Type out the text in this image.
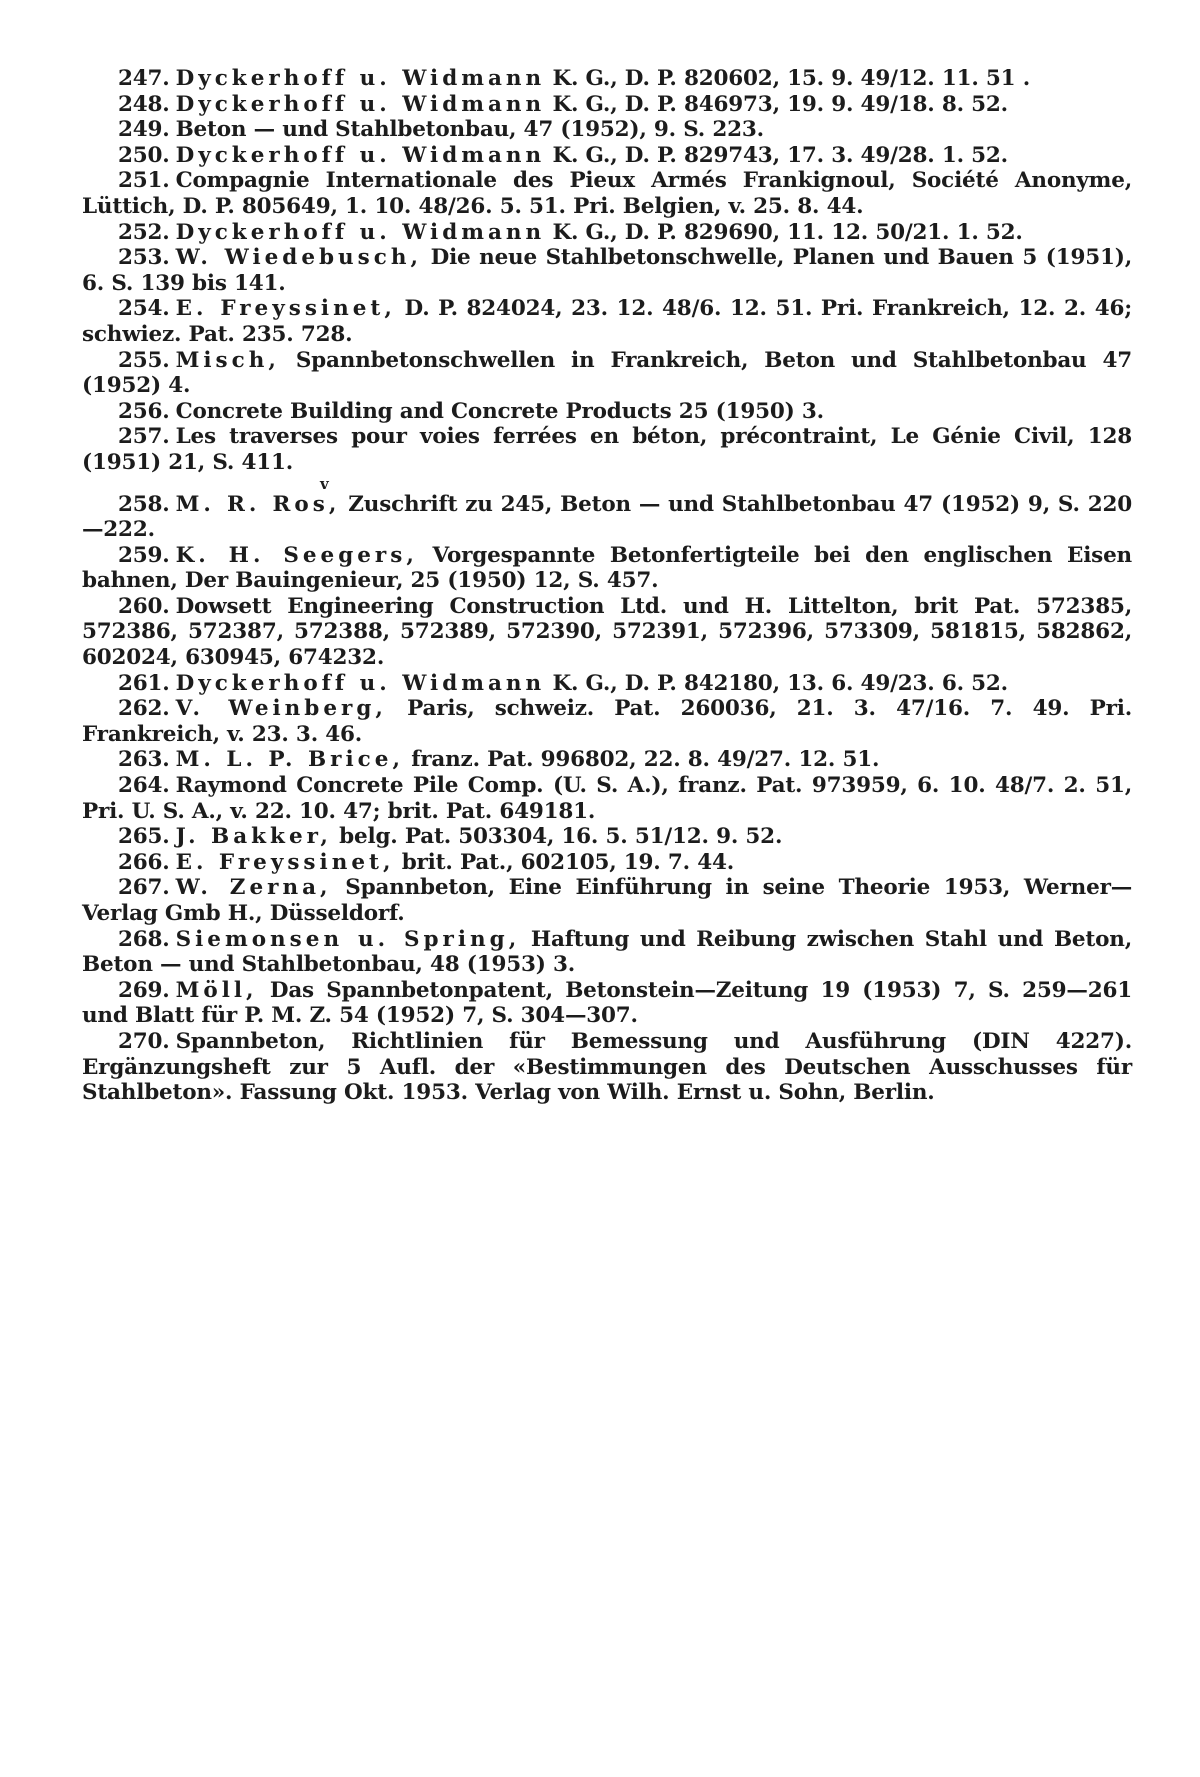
247. Dyckerhoff u. Widmann K. G., D. P. 820602, 15. 9. 49/12. 11. 51 .

248. Dyckerhoff u. Widmann K. G., D. P. 846973, 19. 9. 49/18. 8. 52.

249. Beton — und Stahlbetonbau, 47 (1952), 9. S. 223.

250. Dyckerhoff u. Widmann K. G., D. P. 829743, 17. 3. 49/28. 1. 52.

251. Compagnie Internationale des Pieux Armés Frankignoul, Société Anonyme, Lüttich, D. P. 805649, 1. 10. 48/26. 5. 51. Pri. Belgien, v. 25. 8. 44.

252. Dyckerhoff u. Widmann K. G., D. P. 829690, 11. 12. 50/21. 1. 52.

253. W. Wiedebusch, Die neue Stahlbetonschwelle, Planen und Bauen 5 (1951), 6. S. 139 bis 141.

254. E. Freyssinet, D. P. 824024, 23. 12. 48/6. 12. 51. Pri. Frankreich, 12. 2. 46; schwiez. Pat. 235. 728.

255. Misch, Spannbetonschwellen in Frankreich, Beton und Stahlbetonbau 47 (1952) 4.

256. Concrete Building and Concrete Products 25 (1950) 3.

257. Les traverses pour voies ferrées en béton, précontraint, Le Génie Civil, 128 (1951) 21, S. 411.

v

258. M. R. Ros, Zuschrift zu 245, Beton — und Stahlbetonbau 47 (1952) 9, S. 220—222.

259. K. H. Seegers, Vorgespannte Betonfertigteile bei den englischen Eisen bahnen, Der Bauingenieur, 25 (1950) 12, S. 457.

260. Dowsett Engineering Construction Ltd. und H. Littelton, brit Pat. 572385, 572386, 572387, 572388, 572389, 572390, 572391, 572396, 573309, 581815, 582862, 602024, 630945, 674232.

261. Dyckerhoff u. Widmann K. G., D. P. 842180, 13. 6. 49/23. 6. 52.

262. V. Weinberg, Paris, schweiz. Pat. 260036, 21. 3. 47/16. 7. 49. Pri. Frankreich, v. 23. 3. 46.

263. M. L. P. Brice, franz. Pat. 996802, 22. 8. 49/27. 12. 51.

264. Raymond Concrete Pile Comp. (U. S. A.), franz. Pat. 973959, 6. 10. 48/7. 2. 51, Pri. U. S. A., v. 22. 10. 47; brit. Pat. 649181.

265. J. Bakker, belg. Pat. 503304, 16. 5. 51/12. 9. 52.

266. E. Freyssinet, brit. Pat., 602105, 19. 7. 44.

267. W. Zerna, Spannbeton, Eine Einführung in seine Theorie 1953, Werner—Verlag Gmb H., Düsseldorf.

268. Siemonsen u. Spring, Haftung und Reibung zwischen Stahl und Beton, Beton — und Stahlbetonbau, 48 (1953) 3.

269. Möll, Das Spannbetonpatent, Betonstein—Zeitung 19 (1953) 7, S. 259—261 und Blatt für P. M. Z. 54 (1952) 7, S. 304—307.

270. Spannbeton, Richtlinien für Bemessung und Ausführung (DIN 4227). Ergänzungsheft zur 5 Aufl. der «Bestimmungen des Deutschen Ausschusses für Stahlbeton». Fassung Okt. 1953. Verlag von Wilh. Ernst u. Sohn, Berlin.
